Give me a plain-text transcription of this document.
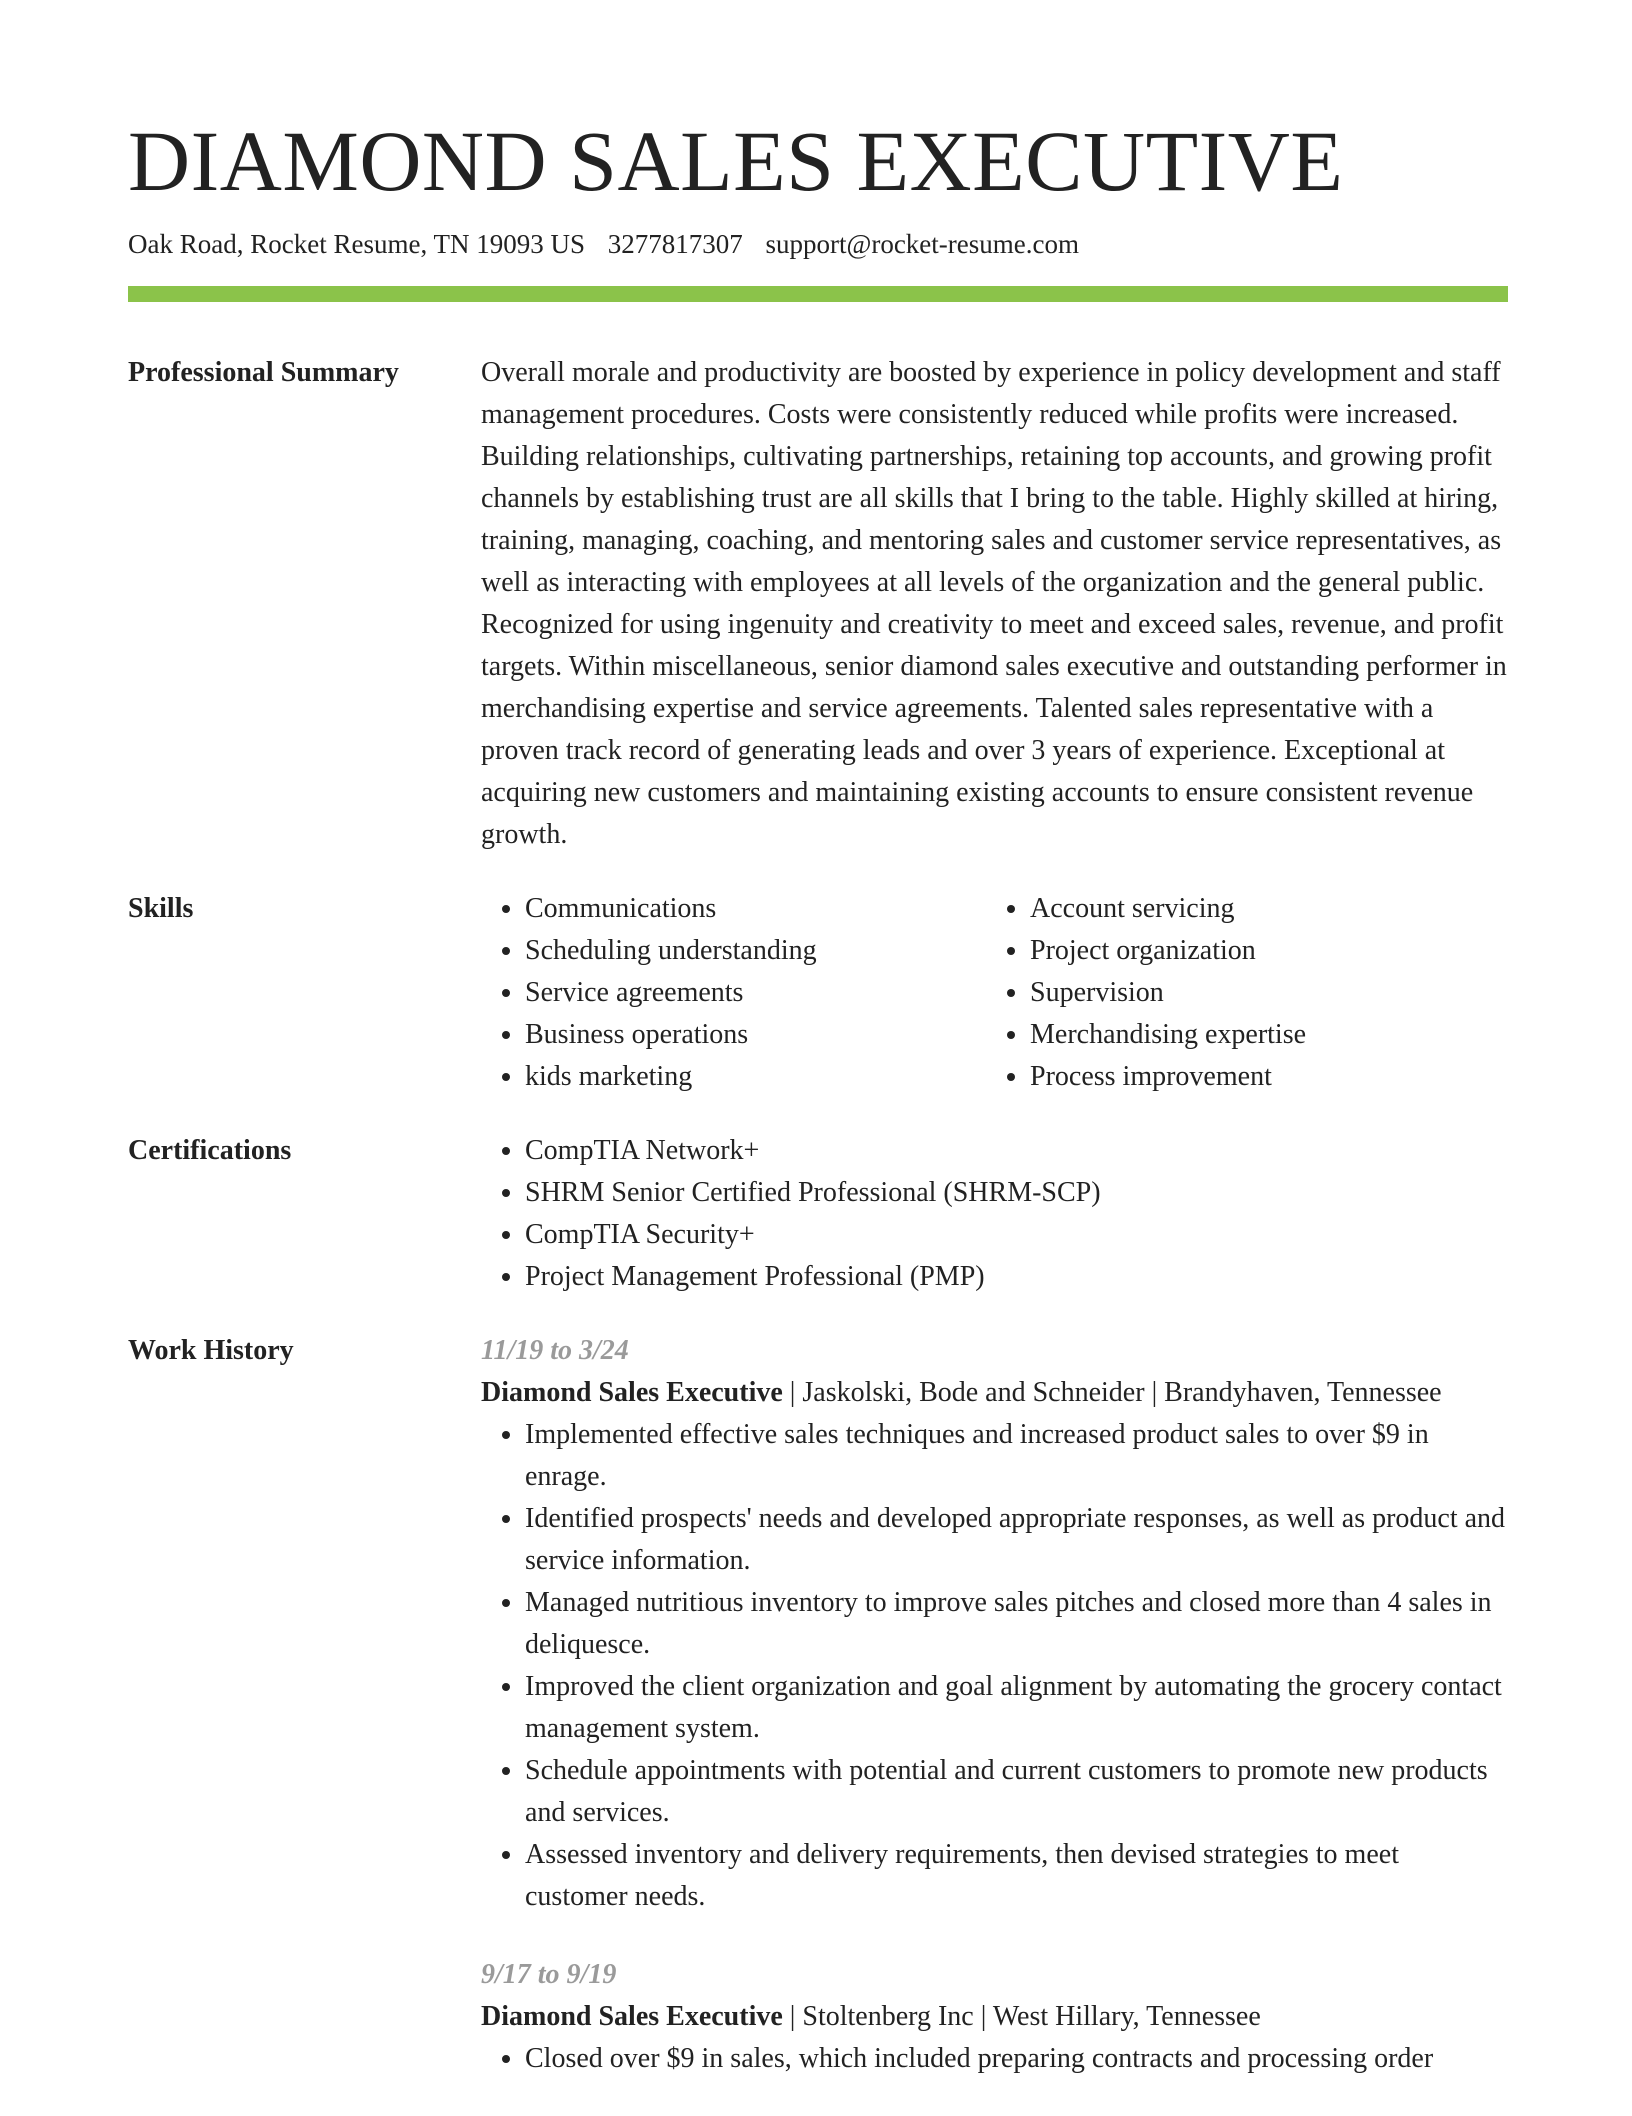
DIAMOND SALES EXECUTIVE
Oak Road, Rocket Resume, TN 19093 US 3277817307 support@rocket-resume.com
Professional Summary	Overall morale and productivity are boosted by experience in policy development and staff management procedures. Costs were consistently reduced while profits were increased. Building relationships, cultivating partnerships, retaining top accounts, and growing profit channels by establishing trust are all skills that I bring to the table. Highly skilled at hiring, training, managing, coaching, and mentoring sales and customer service representatives, as well as interacting with employees at all levels of the organization and the general public. Recognized for using ingenuity and creativity to meet and exceed sales, revenue, and profit targets. Within miscellaneous, senior diamond sales executive and outstanding performer in merchandising expertise and service agreements. Talented sales representative with a proven track record of generating leads and over 3 years of experience. Exceptional at acquiring new customers and maintaining existing accounts to ensure consistent revenue growth.
Skills	• Communications
• Scheduling understanding
• Service agreements
• Business operations
• kids marketing
• Account servicing
• Project organization
• Supervision
• Merchandising expertise
• Process improvement
Certifications	• CompTIA Network+
• SHRM Senior Certified Professional (SHRM-SCP)
• CompTIA Security+
• Project Management Professional (PMP)
Work History	11/19 to 3/24
Diamond Sales Executive | Jaskolski, Bode and Schneider | Brandyhaven, Tennessee
• Implemented effective sales techniques and increased product sales to over $9 in enrage.
• Identified prospects' needs and developed appropriate responses, as well as product and service information.
• Managed nutritious inventory to improve sales pitches and closed more than 4 sales in deliquesce.
• Improved the client organization and goal alignment by automating the grocery contact management system.
• Schedule appointments with potential and current customers to promote new products and services.
• Assessed inventory and delivery requirements, then devised strategies to meet customer needs.
9/17 to 9/19
Diamond Sales Executive | Stoltenberg Inc | West Hillary, Tennessee
• Closed over $9 in sales, which included preparing contracts and processing order
